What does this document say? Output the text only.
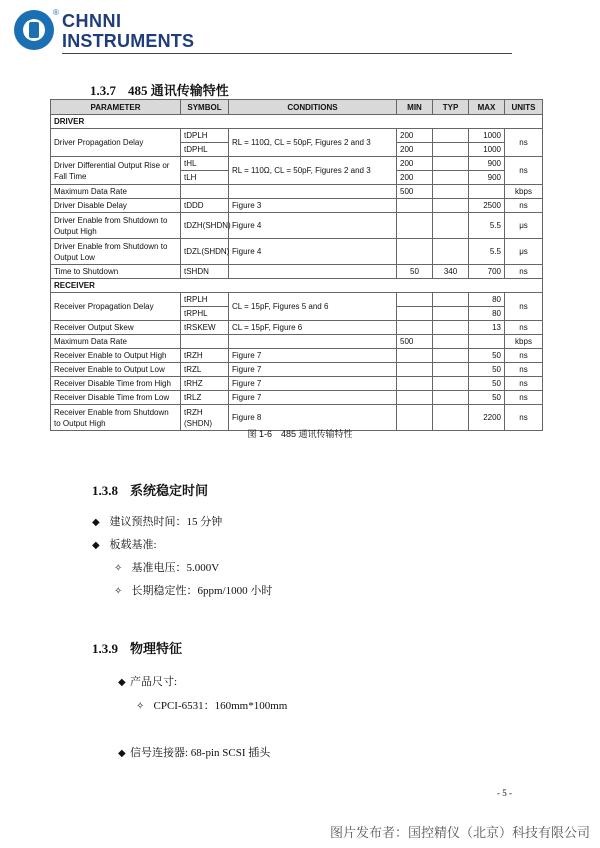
® CHNNI
INSTRUMENTS
1.3.7 485 通讯传输特性
PARAMETER	SYMBOL	CONDITIONS	MIN	TYP	MAX	UNITS
DRIVER						
Driver Propagation Delay	tDPLH	RL = 110Ω, CL = 50pF, Figures 2 and 3	200		1000	ns
	tDPHL		200		1000	
Driver Differential Output Rise or Fall Time	tHL	RL = 110Ω, CL = 50pF, Figures 2 and 3	200		900	ns
	tLH		200		900	
Maximum Data Rate			500			kbps
Driver Disable Delay	tDDD	Figure 3			2500	ns
Driver Enable from Shutdown to Output High	tDZH(SHDN)	Figure 4			5.5	μs
Driver Enable from Shutdown to Output Low	tDZL(SHDN)	Figure 4			5.5	μs
Time to Shutdown	tSHDN		50	340	700	ns
RECEIVER						
Receiver Propagation Delay	tRPLH	CL = 15pF, Figures 5 and 6			80	ns
	tRPHL				80	
Receiver Output Skew	tRSKEW	CL = 15pF, Figure 6			13	ns
Maximum Data Rate			500			kbps
Receiver Enable to Output High	tRZH	Figure 7			50	ns
Receiver Enable to Output Low	tRZL	Figure 7			50	ns
Receiver Disable Time from High	tRHZ	Figure 7			50	ns
Receiver Disable Time from Low	tRLZ	Figure 7			50	ns
Receiver Enable from Shutdown to Output High	tRZH (SHDN)	Figure 8			2200	ns
图 1-6　485 通讯传输特性
1.3.8 系统稳定时间
◆ 建议预热时间：15 分钟
◆ 板载基准:
✧ 基准电压：5.000V
✧ 长期稳定性：6ppm/1000 小时
1.3.9 物理特征
◆ 产品尺寸:
✧ CPCI-6531：160mm*100mm
◆ 信号连接器: 68-pin SCSI 插头
- 5 -
图片发布者：国控精仪（北京）科技有限公司
